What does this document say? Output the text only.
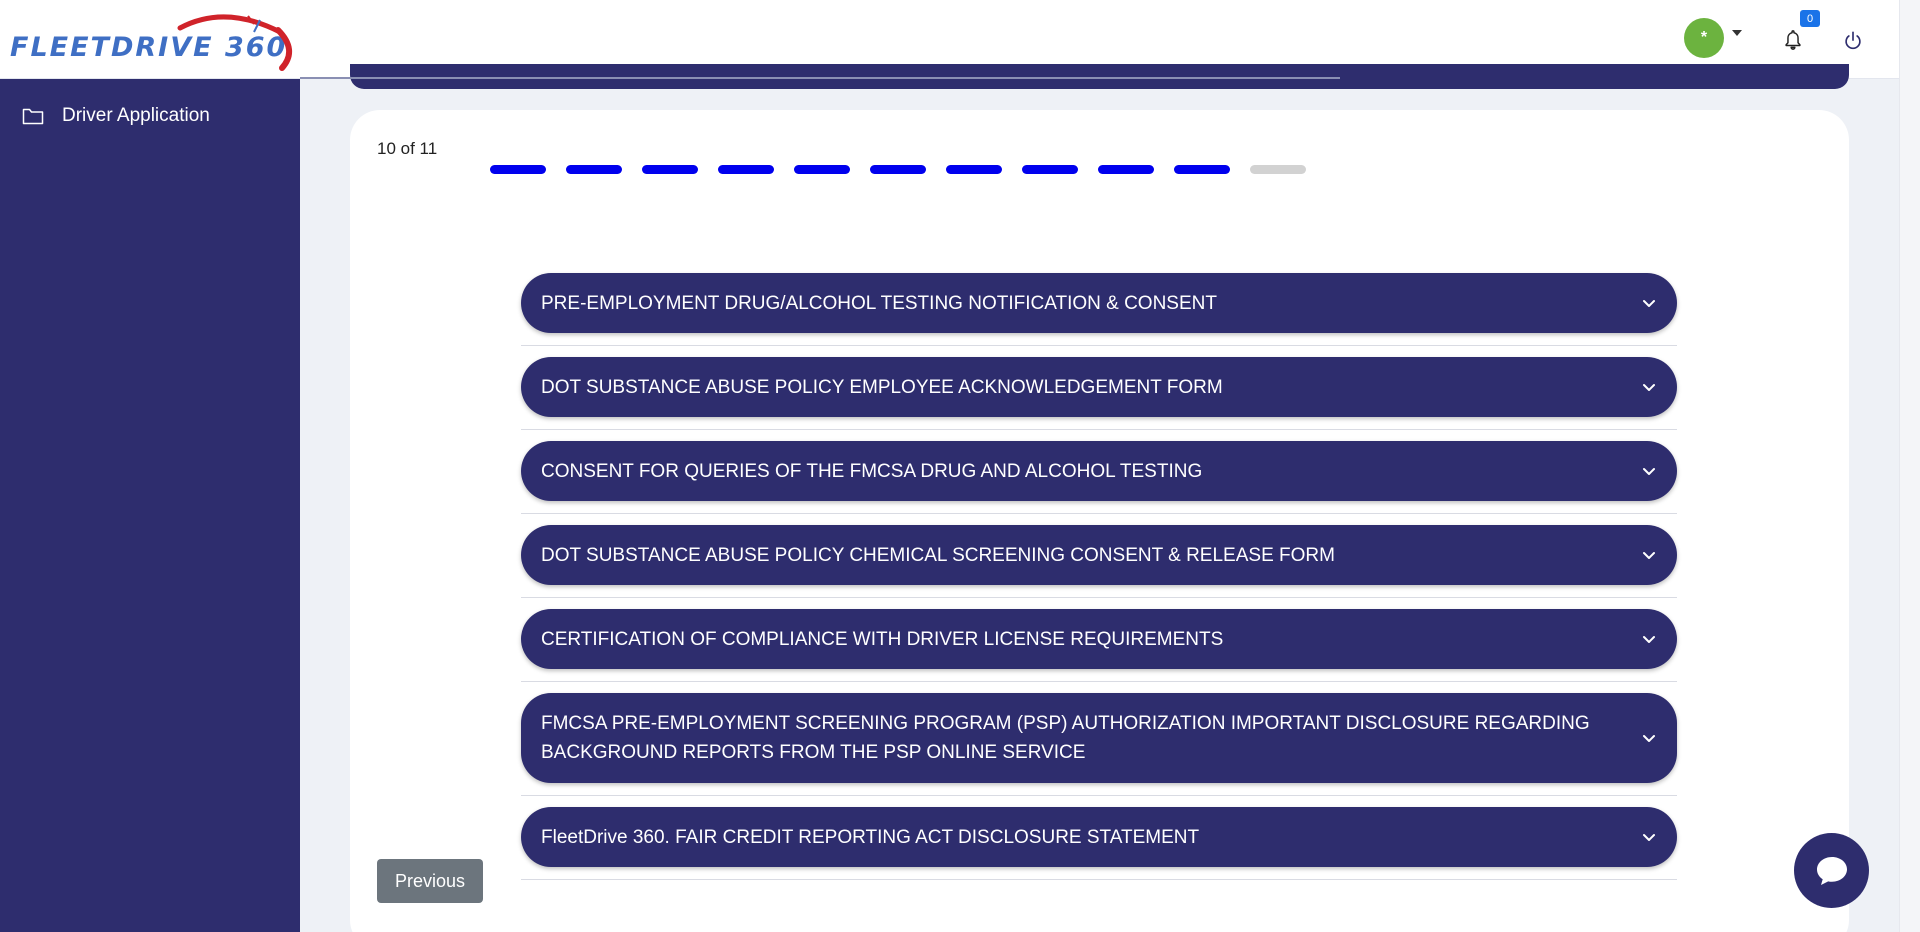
FLEETDRIVE 360	*
0
Driver Application
10 of 11
PRE-EMPLOYMENT DRUG/ALCOHOL TESTING NOTIFICATION & CONSENT
DOT SUBSTANCE ABUSE POLICY EMPLOYEE ACKNOWLEDGEMENT FORM
CONSENT FOR QUERIES OF THE FMCSA DRUG AND ALCOHOL TESTING
DOT SUBSTANCE ABUSE POLICY CHEMICAL SCREENING CONSENT & RELEASE FORM
CERTIFICATION OF COMPLIANCE WITH DRIVER LICENSE REQUIREMENTS
FMCSA PRE-EMPLOYMENT SCREENING PROGRAM (PSP) AUTHORIZATION IMPORTANT DISCLOSURE REGARDING BACKGROUND REPORTS FROM THE PSP ONLINE SERVICE
FleetDrive 360. FAIR CREDIT REPORTING ACT DISCLOSURE STATEMENT
Previous
